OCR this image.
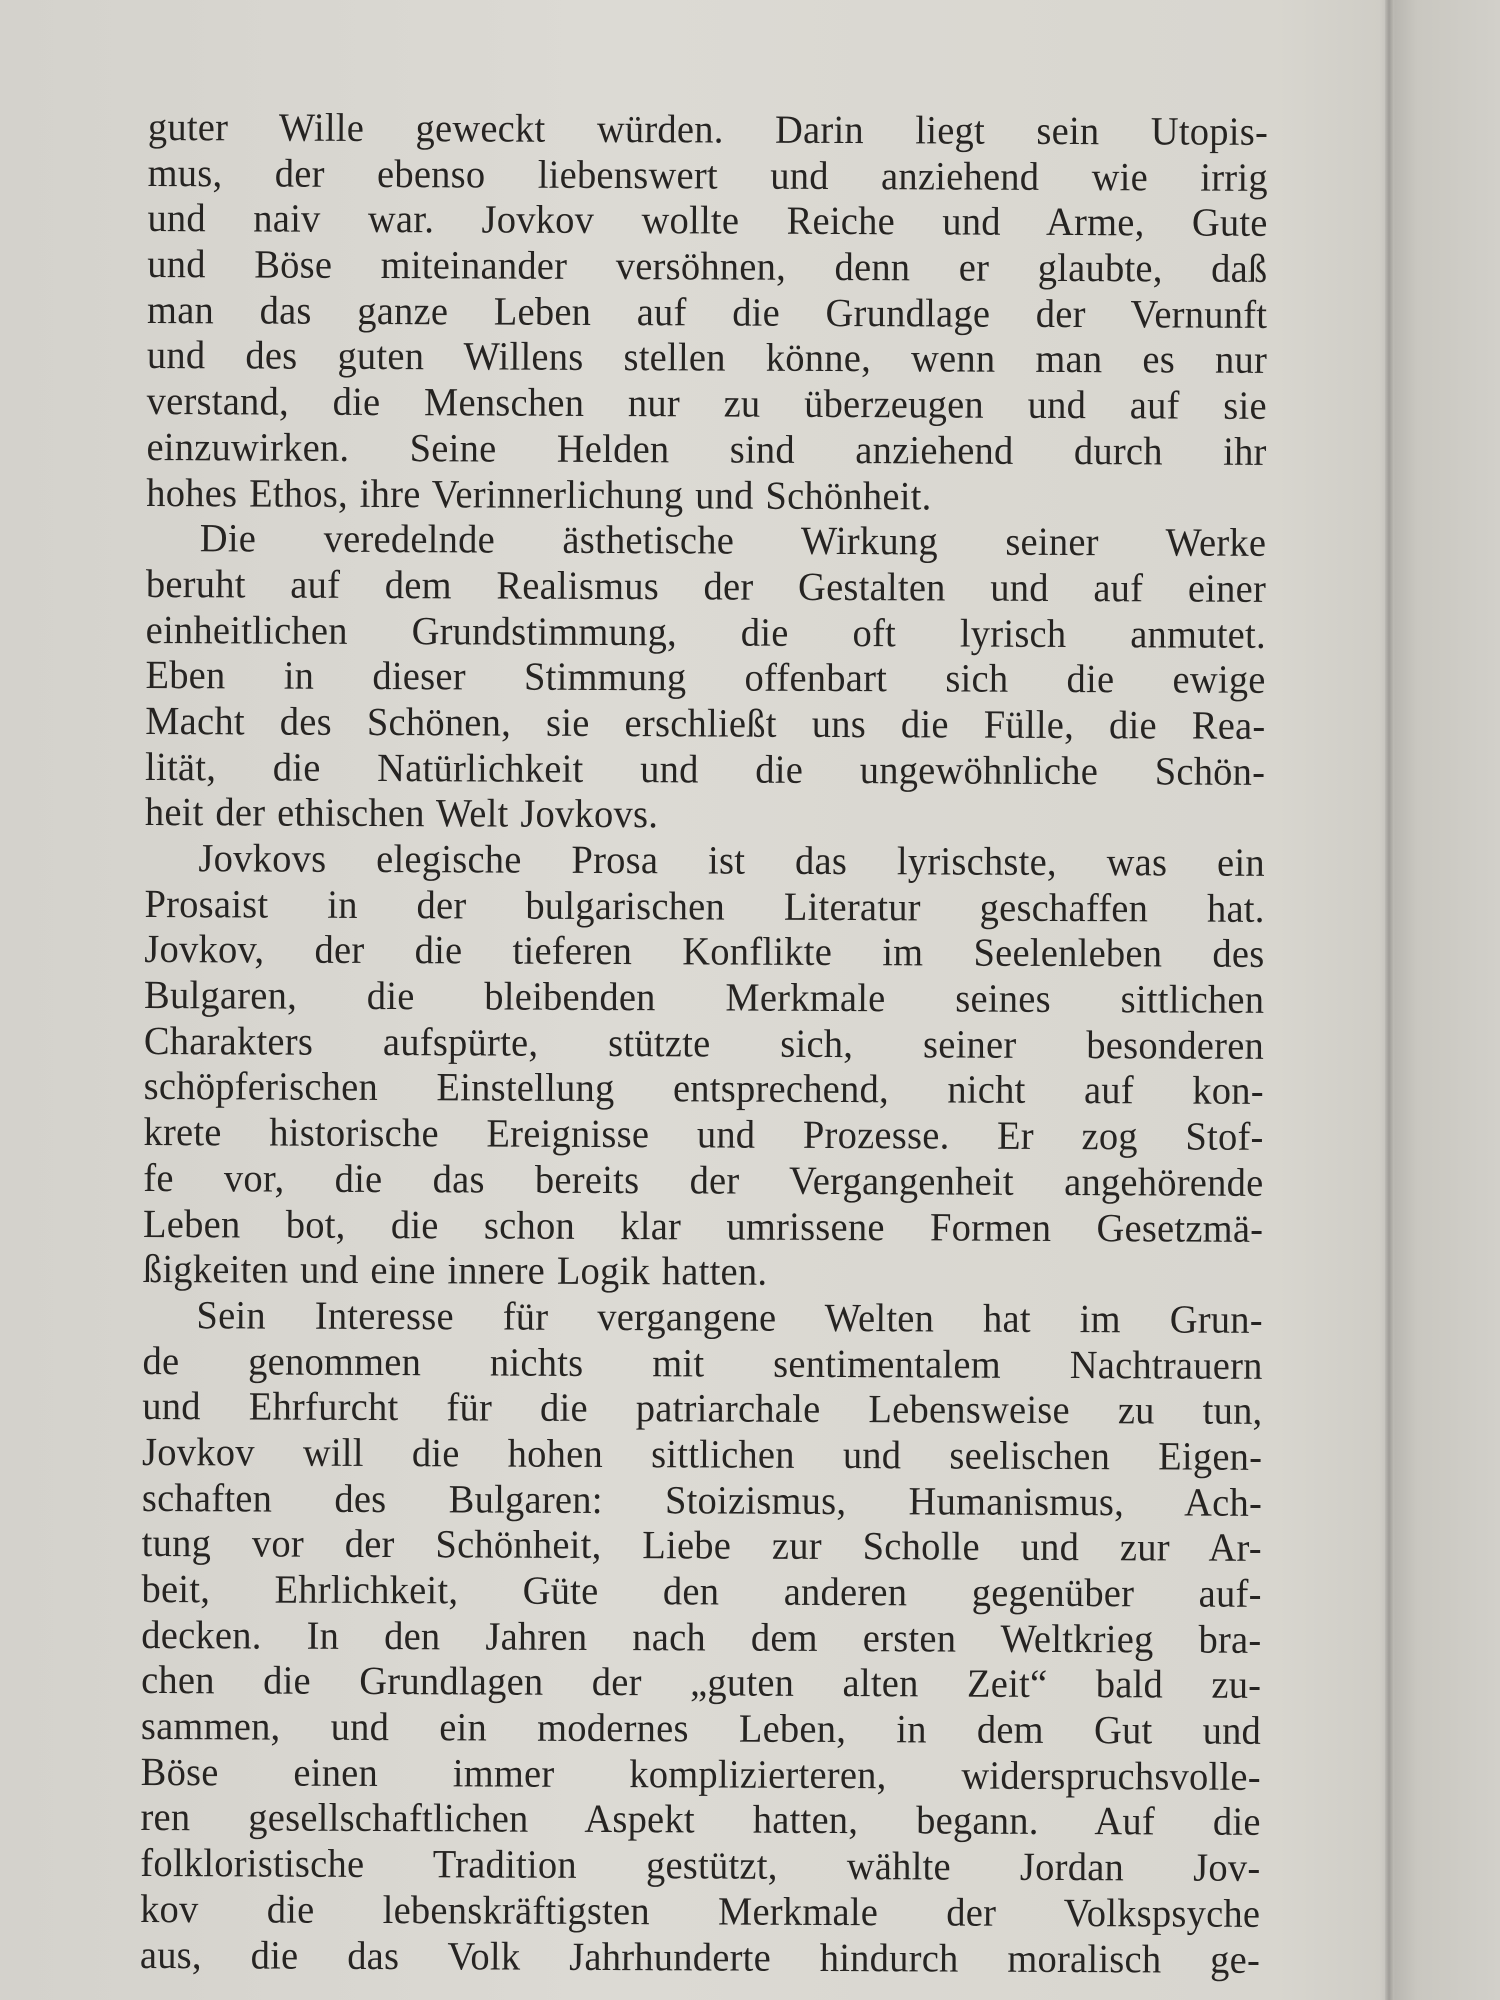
guter Wille geweckt würden. Darin liegt sein Utopis-
mus, der ebenso liebenswert und anziehend wie irrig
und naiv war. Jovkov wollte Reiche und Arme, Gute
und Böse miteinander versöhnen, denn er glaubte, daß
man das ganze Leben auf die Grundlage der Vernunft
und des guten Willens stellen könne, wenn man es nur
verstand, die Menschen nur zu überzeugen und auf sie
einzuwirken. Seine Helden sind anziehend durch ihr
hohes Ethos, ihre Verinnerlichung und Schönheit.
Die veredelnde ästhetische Wirkung seiner Werke
beruht auf dem Realismus der Gestalten und auf einer
einheitlichen Grundstimmung, die oft lyrisch anmutet.
Eben in dieser Stimmung offenbart sich die ewige
Macht des Schönen, sie erschließt uns die Fülle, die Rea-
lität, die Natürlichkeit und die ungewöhnliche Schön-
heit der ethischen Welt Jovkovs.
Jovkovs elegische Prosa ist das lyrischste, was ein
Prosaist in der bulgarischen Literatur geschaffen hat.
Jovkov, der die tieferen Konflikte im Seelenleben des
Bulgaren, die bleibenden Merkmale seines sittlichen
Charakters aufspürte, stützte sich, seiner besonderen
schöpferischen Einstellung entsprechend, nicht auf kon-
krete historische Ereignisse und Prozesse. Er zog Stof-
fe vor, die das bereits der Vergangenheit angehörende
Leben bot, die schon klar umrissene Formen Gesetzmä-
ßigkeiten und eine innere Logik hatten.
Sein Interesse für vergangene Welten hat im Grun-
de genommen nichts mit sentimentalem Nachtrauern
und Ehrfurcht für die patriarchale Lebensweise zu tun,
Jovkov will die hohen sittlichen und seelischen Eigen-
schaften des Bulgaren: Stoizismus, Humanismus, Ach-
tung vor der Schönheit, Liebe zur Scholle und zur Ar-
beit, Ehrlichkeit, Güte den anderen gegenüber auf-
decken. In den Jahren nach dem ersten Weltkrieg bra-
chen die Grundlagen der „guten alten Zeit“ bald zu-
sammen, und ein modernes Leben, in dem Gut und
Böse einen immer komplizierteren, widerspruchsvolle-
ren gesellschaftlichen Aspekt hatten, begann. Auf die
folkloristische Tradition gestützt, wählte Jordan Jov-
kov die lebenskräftigsten Merkmale der Volkspsyche
aus, die das Volk Jahrhunderte hindurch moralisch ge-
